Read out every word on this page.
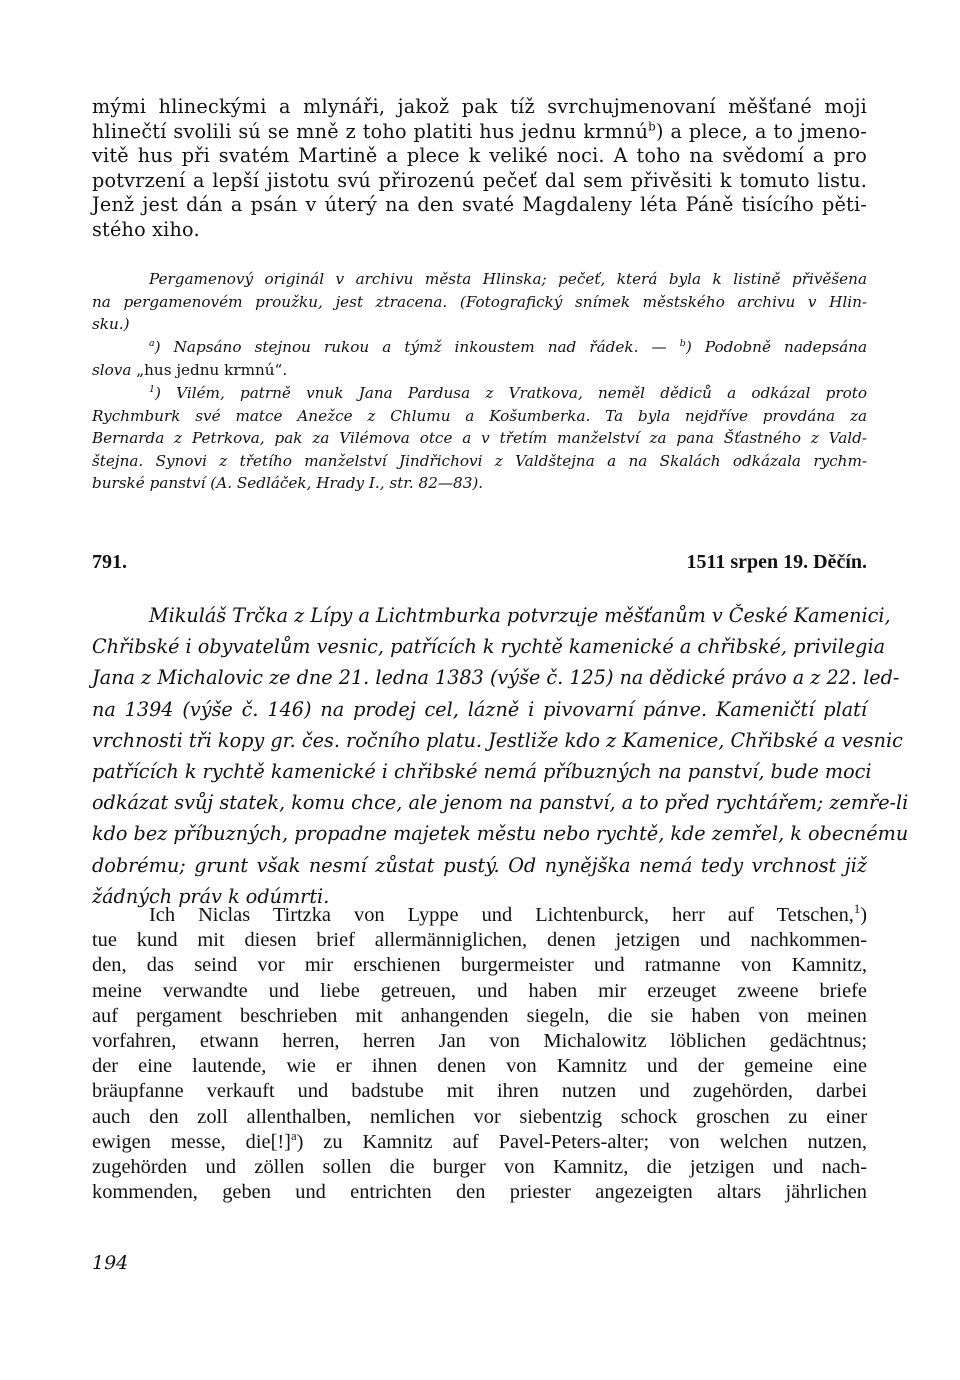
mými hlineckými a mlynáři, jakož pak tíž svrchujmenovaní měšťané moji
hlinečtí svolili sú se mně z toho platiti hus jednu krmnú$^b$) a plece, a to jmeno-
vitě hus při svatém Martině a plece k veliké noci. A toho na svědomí a pro
potvrzení a lepší jistotu svú přirozenú pečeť dal sem přivěsiti k tomuto listu.
Jenž jest dán a psán v úterý na den svaté Magdaleny léta Páně tisícího pěti-
stého xiho.
Pergamenový originál v archivu města Hlinska; pečeť, která byla k listině přivěšena
na pergamenovém proužku, jest ztracena. (Fotografický snímek městského archivu v Hlin-
sku.)
$^a$) Napsáno stejnou rukou a týmž inkoustem nad řádek. — $^b$) Podobně nadepsána
slova „hus jednu krmnú“.
$^1$) Vilém, patrně vnuk Jana Pardusa z Vratkova, neměl dědiců a odkázal proto
Rychmburk své matce Anežce z Chlumu a Košumberka. Ta byla nejdříve provdána za
Bernarda z Petrkova, pak za Vilémova otce a v třetím manželství za pana Šťastného z Vald-
štejna. Synovi z třetího manželství Jindřichovi z Valdštejna a na Skalách odkázala rychm-
burské panství (A. Sedláček, Hrady I., str. 82—83).
791.	1511 srpen 19. Děčín.
Mikuláš Trčka z Lípy a Lichtmburka potvrzuje měšťanům v České Kamenici,
Chřibské i obyvatelům vesnic, patřících k rychtě kamenické a chřibské, privilegia
Jana z Michalovic ze dne 21. ledna 1383 (výše č. 125) na dědické právo a z 22. led-
na 1394 (výše č. 146) na prodej cel, lázně i pivovarní pánve. Kameničtí platí
vrchnosti tři kopy gr. čes. ročního platu. Jestliže kdo z Kamenice, Chřibské a vesnic
patřících k rychtě kamenické i chřibské nemá příbuzných na panství, bude moci
odkázat svůj statek, komu chce, ale jenom na panství, a to před rychtářem; zemře-li
kdo bez příbuzných, propadne majetek městu nebo rychtě, kde zemřel, k obecnému
dobrému; grunt však nesmí zůstat pustý. Od nynějška nemá tedy vrchnost již
žádných práv k odúmrti.
Ich Niclas Tirtzka von Lyppe und Lichtenburck, herr auf Tetschen,$^1$)
tue kund mit diesen brief allermänniglichen, denen jetzigen und nachkommen-
den, das seind vor mir erschienen burgermeister und ratmanne von Kamnitz,
meine verwandte und liebe getreuen, und haben mir erzeuget zweene briefe
auf pergament beschrieben mit anhangenden siegeln, die sie haben von meinen
vorfahren, etwann herren, herren Jan von Michalowitz löblichen gedächtnus;
der eine lautende, wie er ihnen denen von Kamnitz und der gemeine eine
bräupfanne verkauft und badstube mit ihren nutzen und zugehörden, darbei
auch den zoll allenthalben, nemlichen vor siebentzig schock groschen zu einer
ewigen messe, die[!]$^a$) zu Kamnitz auf Pavel-Peters-alter; von welchen nutzen,
zugehörden und zöllen sollen die burger von Kamnitz, die jetzigen und nach-
kommenden, geben und entrichten den priester angezeigten altars jährlichen
194
